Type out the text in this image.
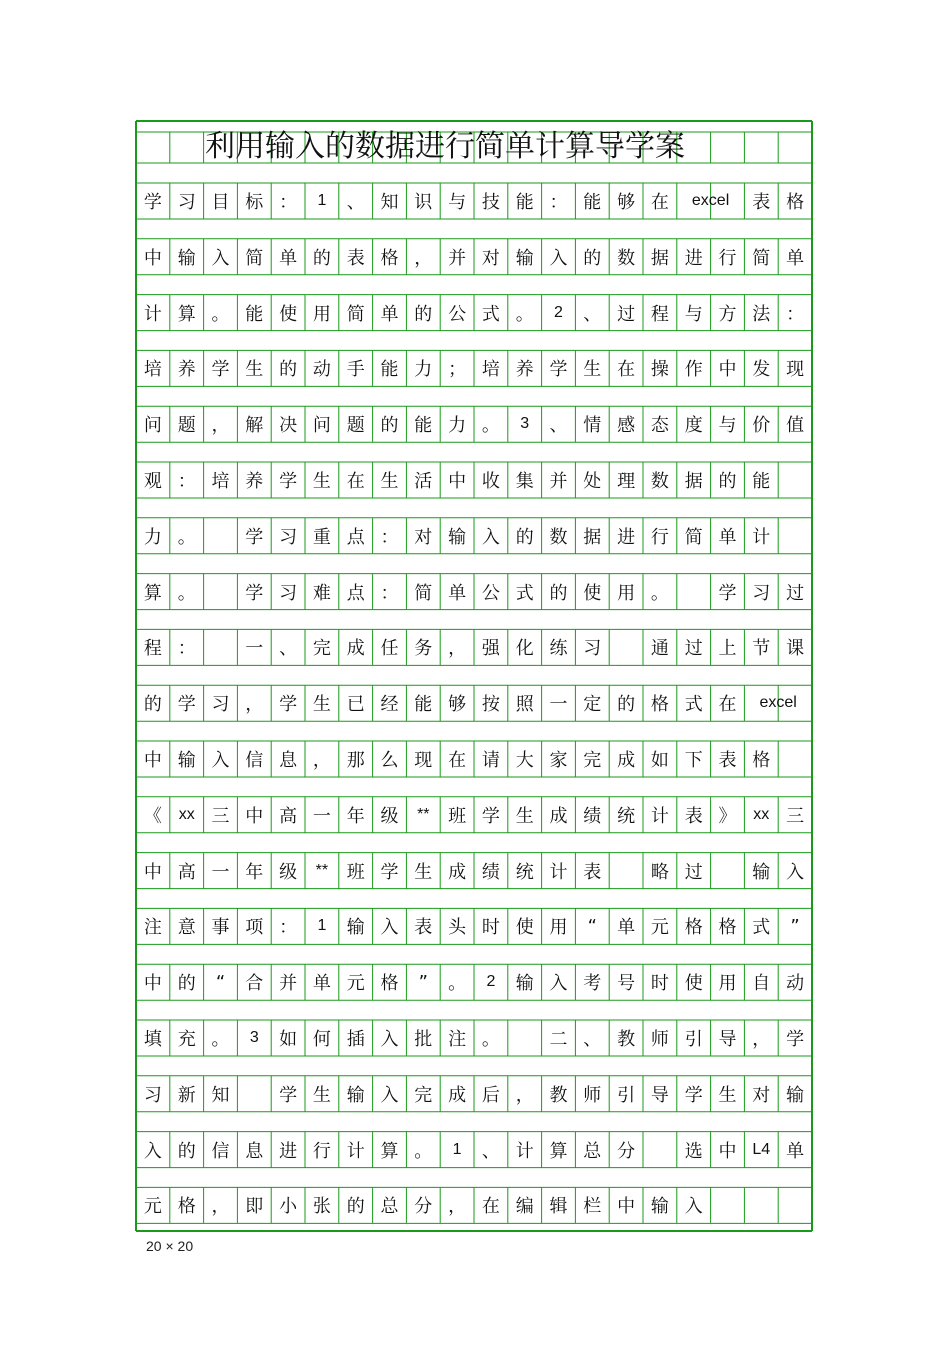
利用输入的数据进行简单计算导学案
学 习 目 标 ：	1	、 知 识 与 技 能 ： 能 够 在	excel	表 格
中 输 入 简 单 的 表 格 ， 并 对 输 入 的 数 据 进 行 简 单
计 算 。 能 使 用 简 单 的 公 式 。	2	、 过 程 与 方 法 ：
培 养 学 生 的 动 手 能 力 ； 培 养 学 生 在 操 作 中 发 现
问 题 ， 解 决 问 题 的 能 力 。	3	、 情 感 态 度 与 价 值
观 ： 培 养 学 生 在 生 活 中 收 集 并 处 理 数 据 的 能
力 。	学 习 重 点 ： 对 输 入 的 数 据 进 行 简 单 计
算 。	学 习 难 点 ： 简 单 公 式 的 使 用 。	学 习 过
程 ：	一 、 完 成 任 务 ， 强 化 练 习	通 过 上 节 课
的 学 习 ， 学 生 已 经 能 够 按 照 一 定 的 格 式 在	excel
中 输 入 信 息 ， 那 么 现 在 请 大 家 完 成 如 下 表 格
《	xx 三 中 高 一 年 级	**	班 学 生 成 绩 统 计 表 》	xx 三
中 高 一 年 级	**	班 学 生 成 绩 统 计 表	略 过	输 入
注 意 事 项 ：	1	输 入 表 头 时 使 用	“	单 元 格 格 式	”
中 的	“	合 并 单 元 格	”	。	2	输 入 考 号 时 使 用 自 动
填 充 。	3	如 何 插 入 批 注 。	二 、 教 师 引 导 ， 学
习 新 知	学 生 输 入 完 成 后 ， 教 师 引 导 学 生 对 输
入 的 信 息 进 行 计 算 。	1	、 计 算 总 分	选 中 L4 单
元 格 ， 即 小 张 的 总 分 ， 在 编 辑 栏 中 输 入
20 × 20
